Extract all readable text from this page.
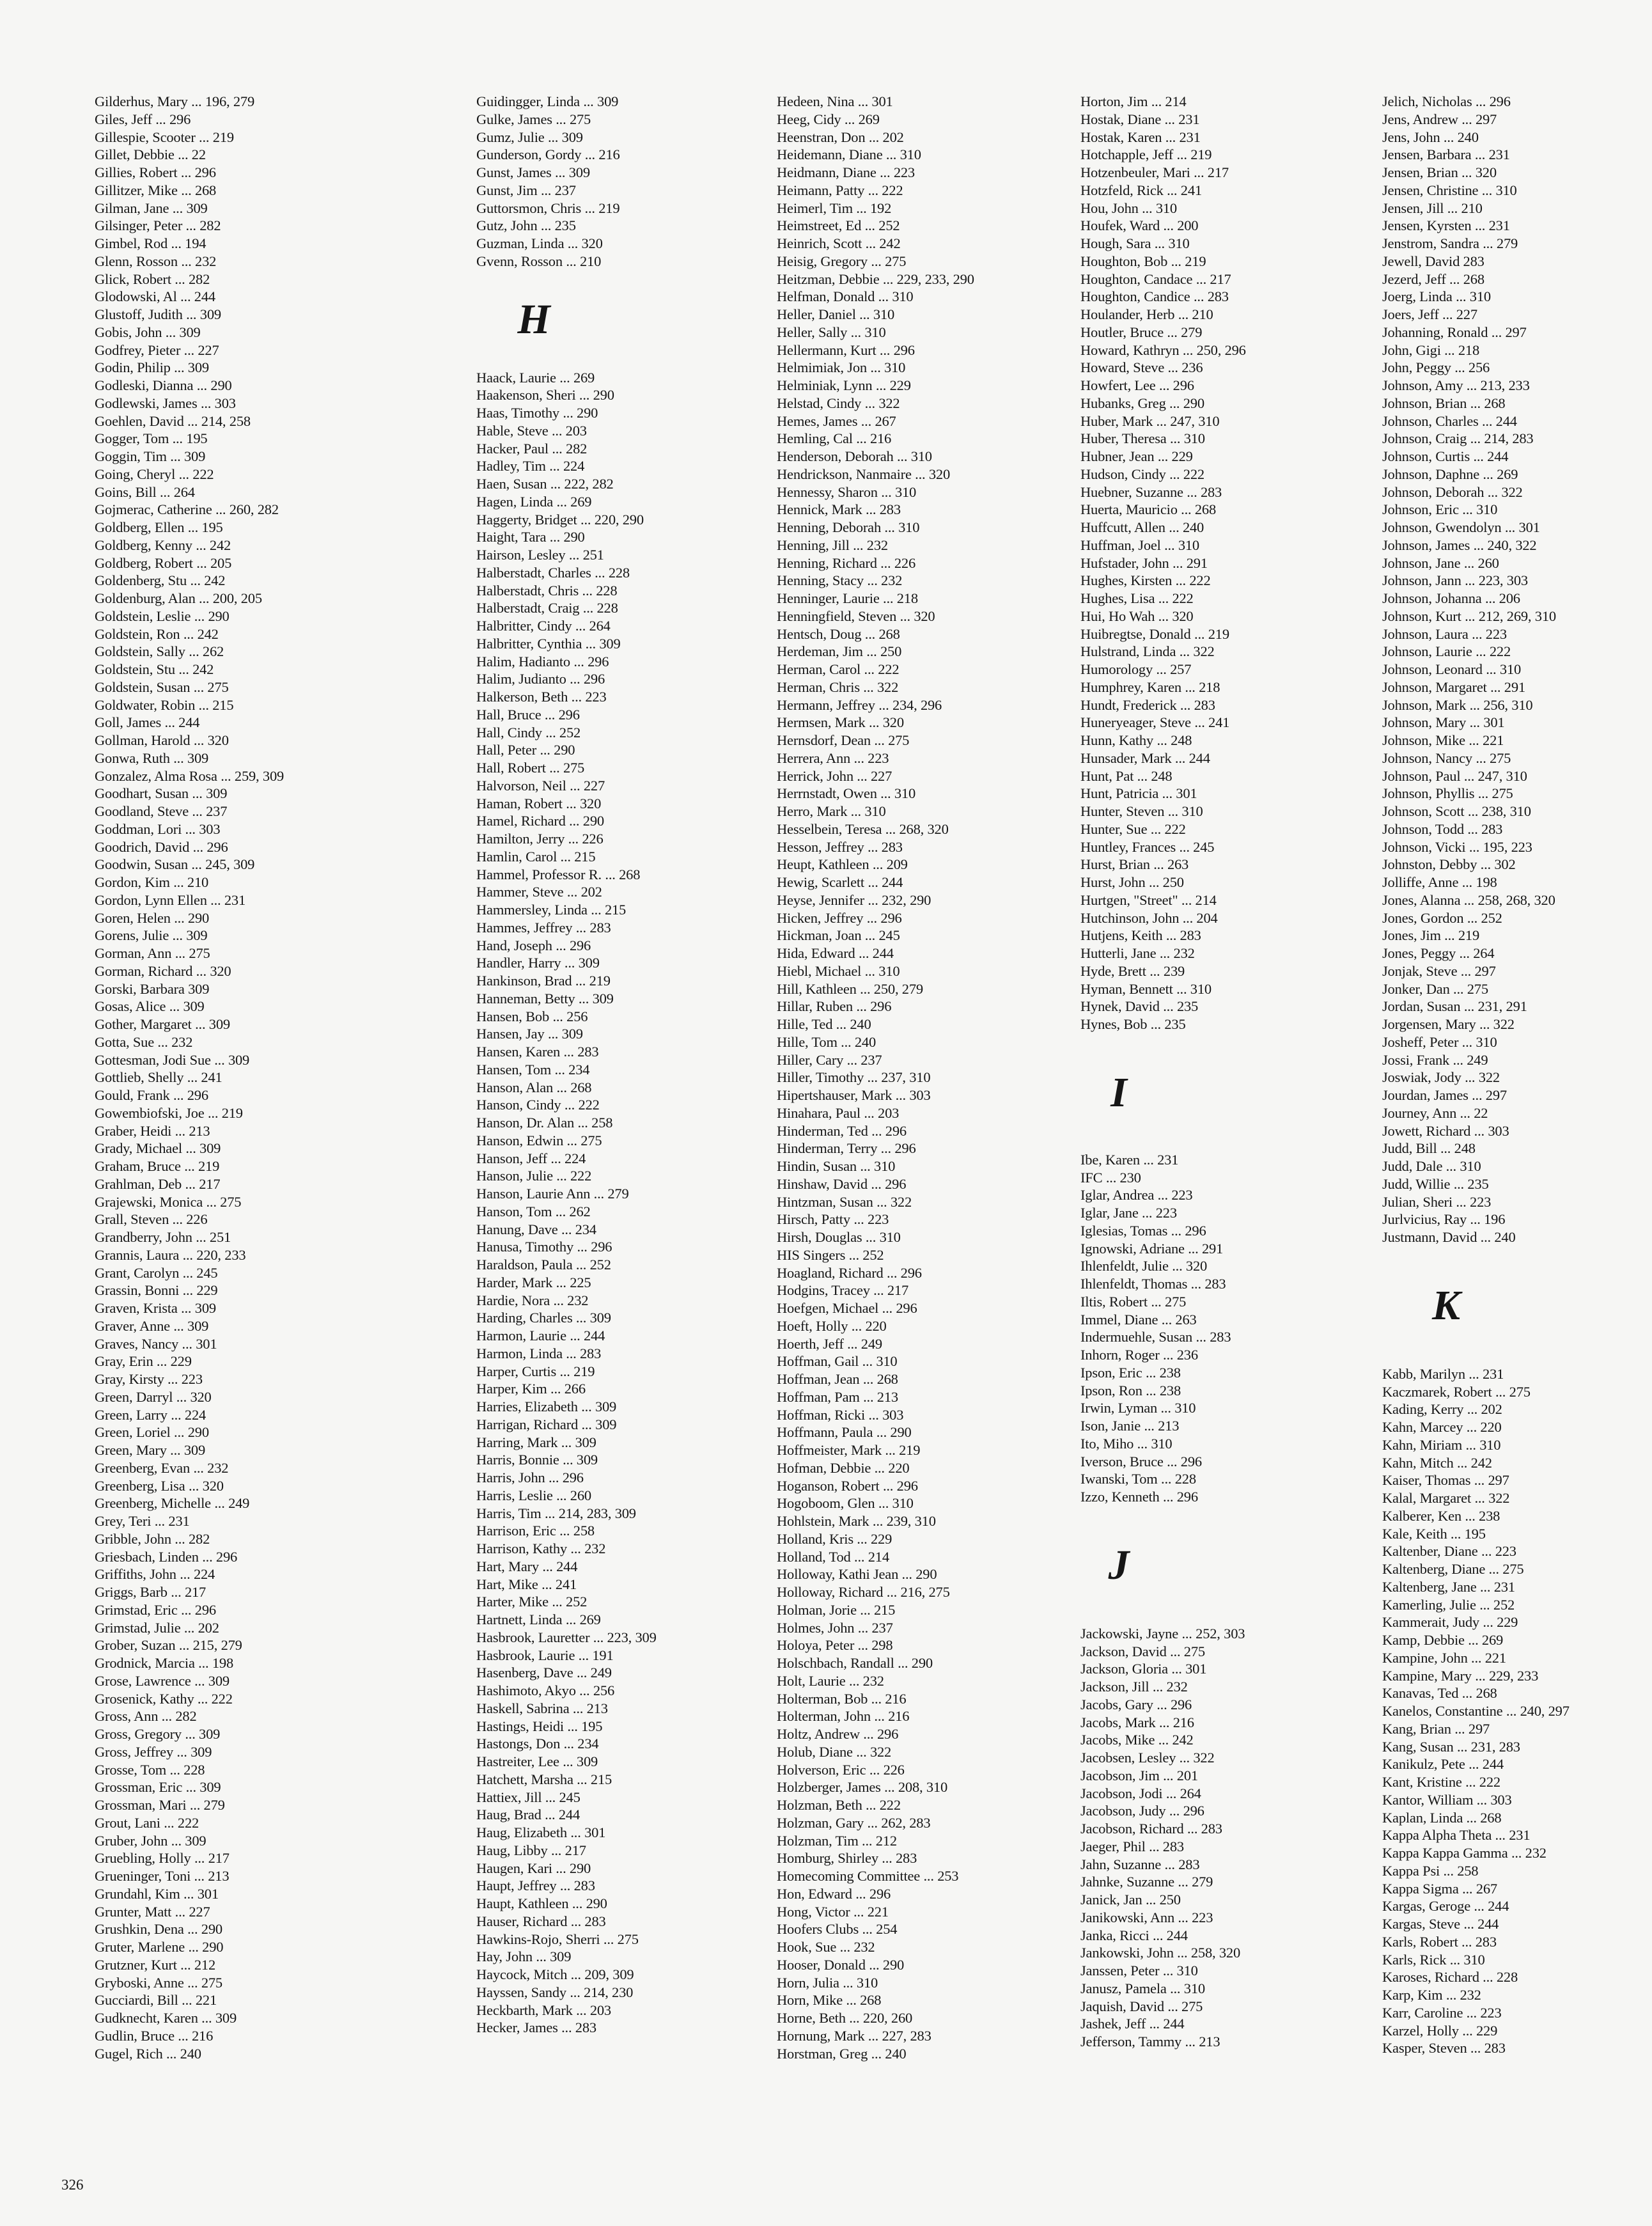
Gilderhus, Mary ... 196, 279
Giles, Jeff ... 296
Gillespie, Scooter ... 219
Gillet, Debbie ... 22
Gillies, Robert ... 296
Gillitzer, Mike ... 268
Gilman, Jane ... 309
Gilsinger, Peter ... 282
Gimbel, Rod ... 194
Glenn, Rosson ... 232
Glick, Robert ... 282
Glodowski, Al ... 244
Glustoff, Judith ... 309
Gobis, John ... 309
Godfrey, Pieter ... 227
Godin, Philip ... 309
Godleski, Dianna ... 290
Godlewski, James ... 303
Goehlen, David ... 214, 258
Gogger, Tom ... 195
Goggin, Tim ... 309
Going, Cheryl ... 222
Goins, Bill ... 264
Gojmerac, Catherine ... 260, 282
Goldberg, Ellen ... 195
Goldberg, Kenny ... 242
Goldberg, Robert ... 205
Goldenberg, Stu ... 242
Goldenburg, Alan ... 200, 205
Goldstein, Leslie ... 290
Goldstein, Ron ... 242
Goldstein, Sally ... 262
Goldstein, Stu ... 242
Goldstein, Susan ... 275
Goldwater, Robin ... 215
Goll, James ... 244
Gollman, Harold ... 320
Gonwa, Ruth ... 309
Gonzalez, Alma Rosa ... 259, 309
Goodhart, Susan ... 309
Goodland, Steve ... 237
Goddman, Lori ... 303
Goodrich, David ... 296
Goodwin, Susan ... 245, 309
Gordon, Kim ... 210
Gordon, Lynn Ellen ... 231
Goren, Helen ... 290
Gorens, Julie ... 309
Gorman, Ann ... 275
Gorman, Richard ... 320
Gorski, Barbara 309
Gosas, Alice ... 309
Gother, Margaret ... 309
Gotta, Sue ... 232
Gottesman, Jodi Sue ... 309
Gottlieb, Shelly ... 241
Gould, Frank ... 296
Gowembiofski, Joe ... 219
Graber, Heidi ... 213
Grady, Michael ... 309
Graham, Bruce ... 219
Grahlman, Deb ... 217
Grajewski, Monica ... 275
Grall, Steven ... 226
Grandberry, John ... 251
Grannis, Laura ... 220, 233
Grant, Carolyn ... 245
Grassin, Bonni ... 229
Graven, Krista ... 309
Graver, Anne ... 309
Graves, Nancy ... 301
Gray, Erin ... 229
Gray, Kirsty ... 223
Green, Darryl ... 320
Green, Larry ... 224
Green, Loriel ... 290
Green, Mary ... 309
Greenberg, Evan ... 232
Greenberg, Lisa ... 320
Greenberg, Michelle ... 249
Grey, Teri ... 231
Gribble, John ... 282
Griesbach, Linden ... 296
Griffiths, John ... 224
Griggs, Barb ... 217
Grimstad, Eric ... 296
Grimstad, Julie ... 202
Grober, Suzan ... 215, 279
Grodnick, Marcia ... 198
Grose, Lawrence ... 309
Grosenick, Kathy ... 222
Gross, Ann ... 282
Gross, Gregory ... 309
Gross, Jeffrey ... 309
Grosse, Tom ... 228
Grossman, Eric ... 309
Grossman, Mari ... 279
Grout, Lani ... 222
Gruber, John ... 309
Gruebling, Holly ... 217
Grueninger, Toni ... 213
Grundahl, Kim ... 301
Grunter, Matt ... 227
Grushkin, Dena ... 290
Gruter, Marlene ... 290
Grutzner, Kurt ... 212
Gryboski, Anne ... 275
Gucciardi, Bill ... 221
Gudknecht, Karen ... 309
Gudlin, Bruce ... 216
Gugel, Rich ... 240
Guidingger, Linda ... 309
Gulke, James ... 275
Gumz, Julie ... 309
Gunderson, Gordy ... 216
Gunst, James ... 309
Gunst, Jim ... 237
Guttorsmon, Chris ... 219
Gutz, John ... 235
Guzman, Linda ... 320
Gvenn, Rosson ... 210
H
Haack, Laurie ... 269
Haakenson, Sheri ... 290
Haas, Timothy ... 290
Hable, Steve ... 203
Hacker, Paul ... 282
Hadley, Tim ... 224
Haen, Susan ... 222, 282
Hagen, Linda ... 269
Haggerty, Bridget ... 220, 290
Haight, Tara ... 290
Hairson, Lesley ... 251
Halberstadt, Charles ... 228
Halberstadt, Chris ... 228
Halberstadt, Craig ... 228
Halbritter, Cindy ... 264
Halbritter, Cynthia ... 309
Halim, Hadianto ... 296
Halim, Judianto ... 296
Halkerson, Beth ... 223
Hall, Bruce ... 296
Hall, Cindy ... 252
Hall, Peter ... 290
Hall, Robert ... 275
Halvorson, Neil ... 227
Haman, Robert ... 320
Hamel, Richard ... 290
Hamilton, Jerry ... 226
Hamlin, Carol ... 215
Hammel, Professor R. ... 268
Hammer, Steve ... 202
Hammersley, Linda ... 215
Hammes, Jeffrey ... 283
Hand, Joseph ... 296
Handler, Harry ... 309
Hankinson, Brad ... 219
Hanneman, Betty ... 309
Hansen, Bob ... 256
Hansen, Jay ... 309
Hansen, Karen ... 283
Hansen, Tom ... 234
Hanson, Alan ... 268
Hanson, Cindy ... 222
Hanson, Dr. Alan ... 258
Hanson, Edwin ... 275
Hanson, Jeff ... 224
Hanson, Julie ... 222
Hanson, Laurie Ann ... 279
Hanson, Tom ... 262
Hanung, Dave ... 234
Hanusa, Timothy ... 296
Haraldson, Paula ... 252
Harder, Mark ... 225
Hardie, Nora ... 232
Harding, Charles ... 309
Harmon, Laurie ... 244
Harmon, Linda ... 283
Harper, Curtis ... 219
Harper, Kim ... 266
Harries, Elizabeth ... 309
Harrigan, Richard ... 309
Harring, Mark ... 309
Harris, Bonnie ... 309
Harris, John ... 296
Harris, Leslie ... 260
Harris, Tim ... 214, 283, 309
Harrison, Eric ... 258
Harrison, Kathy ... 232
Hart, Mary ... 244
Hart, Mike ... 241
Harter, Mike ... 252
Hartnett, Linda ... 269
Hasbrook, Lauretter ... 223, 309
Hasbrook, Laurie ... 191
Hasenberg, Dave ... 249
Hashimoto, Akyo ... 256
Haskell, Sabrina ... 213
Hastings, Heidi ... 195
Hastongs, Don ... 234
Hastreiter, Lee ... 309
Hatchett, Marsha ... 215
Hattiex, Jill ... 245
Haug, Brad ... 244
Haug, Elizabeth ... 301
Haug, Libby ... 217
Haugen, Kari ... 290
Haupt, Jeffrey ... 283
Haupt, Kathleen ... 290
Hauser, Richard ... 283
Hawkins-Rojo, Sherri ... 275
Hay, John ... 309
Haycock, Mitch ... 209, 309
Hayssen, Sandy ... 214, 230
Heckbarth, Mark ... 203
Hecker, James ... 283
Hedeen, Nina ... 301
Heeg, Cidy ... 269
Heenstran, Don ... 202
Heidemann, Diane ... 310
Heidmann, Diane ... 223
Heimann, Patty ... 222
Heimerl, Tim ... 192
Heimstreet, Ed ... 252
Heinrich, Scott ... 242
Heisig, Gregory ... 275
Heitzman, Debbie ... 229, 233, 290
Helfman, Donald ... 310
Heller, Daniel ... 310
Heller, Sally ... 310
Hellermann, Kurt ... 296
Helmimiak, Jon ... 310
Helminiak, Lynn ... 229
Helstad, Cindy ... 322
Hemes, James ... 267
Hemling, Cal ... 216
Henderson, Deborah ... 310
Hendrickson, Nanmaire ... 320
Hennessy, Sharon ... 310
Hennick, Mark ... 283
Henning, Deborah ... 310
Henning, Jill ... 232
Henning, Richard ... 226
Henning, Stacy ... 232
Henninger, Laurie ... 218
Henningfield, Steven ... 320
Hentsch, Doug ... 268
Herdeman, Jim ... 250
Herman, Carol ... 222
Herman, Chris ... 322
Hermann, Jeffrey ... 234, 296
Hermsen, Mark ... 320
Hernsdorf, Dean ... 275
Herrera, Ann ... 223
Herrick, John ... 227
Herrnstadt, Owen ... 310
Herro, Mark ... 310
Hesselbein, Teresa ... 268, 320
Hesson, Jeffrey ... 283
Heupt, Kathleen ... 209
Hewig, Scarlett ... 244
Heyse, Jennifer ... 232, 290
Hicken, Jeffrey ... 296
Hickman, Joan ... 245
Hida, Edward ... 244
Hiebl, Michael ... 310
Hill, Kathleen ... 250, 279
Hillar, Ruben ... 296
Hille, Ted ... 240
Hille, Tom ... 240
Hiller, Cary ... 237
Hiller, Timothy ... 237, 310
Hipertshauser, Mark ... 303
Hinahara, Paul ... 203
Hinderman, Ted ... 296
Hinderman, Terry ... 296
Hindin, Susan ... 310
Hinshaw, David ... 296
Hintzman, Susan ... 322
Hirsch, Patty ... 223
Hirsh, Douglas ... 310
HIS Singers ... 252
Hoagland, Richard ... 296
Hodgins, Tracey ... 217
Hoefgen, Michael ... 296
Hoeft, Holly ... 220
Hoerth, Jeff ... 249
Hoffman, Gail ... 310
Hoffman, Jean ... 268
Hoffman, Pam ... 213
Hoffman, Ricki ... 303
Hoffmann, Paula ... 290
Hoffmeister, Mark ... 219
Hofman, Debbie ... 220
Hoganson, Robert ... 296
Hogoboom, Glen ... 310
Hohlstein, Mark ... 239, 310
Holland, Kris ... 229
Holland, Tod ... 214
Holloway, Kathi Jean ... 290
Holloway, Richard ... 216, 275
Holman, Jorie ... 215
Holmes, John ... 237
Holoya, Peter ... 298
Holschbach, Randall ... 290
Holt, Laurie ... 232
Holterman, Bob ... 216
Holterman, John ... 216
Holtz, Andrew ... 296
Holub, Diane ... 322
Holverson, Eric ... 226
Holzberger, James ... 208, 310
Holzman, Beth ... 222
Holzman, Gary ... 262, 283
Holzman, Tim ... 212
Homburg, Shirley ... 283
Homecoming Committee ... 253
Hon, Edward ... 296
Hong, Victor ... 221
Hoofers Clubs ... 254
Hook, Sue ... 232
Hooser, Donald ... 290
Horn, Julia ... 310
Horn, Mike ... 268
Horne, Beth ... 220, 260
Hornung, Mark ... 227, 283
Horstman, Greg ... 240
Horton, Jim ... 214
Hostak, Diane ... 231
Hostak, Karen ... 231
Hotchapple, Jeff ... 219
Hotzenbeuler, Mari ... 217
Hotzfeld, Rick ... 241
Hou, John ... 310
Houfek, Ward ... 200
Hough, Sara ... 310
Houghton, Bob ... 219
Houghton, Candace ... 217
Houghton, Candice ... 283
Houlander, Herb ... 210
Houtler, Bruce ... 279
Howard, Kathryn ... 250, 296
Howard, Steve ... 236
Howfert, Lee ... 296
Hubanks, Greg ... 290
Huber, Mark ... 247, 310
Huber, Theresa ... 310
Hubner, Jean ... 229
Hudson, Cindy ... 222
Huebner, Suzanne ... 283
Huerta, Mauricio ... 268
Huffcutt, Allen ... 240
Huffman, Joel ... 310
Hufstader, John ... 291
Hughes, Kirsten ... 222
Hughes, Lisa ... 222
Hui, Ho Wah ... 320
Huibregtse, Donald ... 219
Hulstrand, Linda ... 322
Humorology ... 257
Humphrey, Karen ... 218
Hundt, Frederick ... 283
Huneryeager, Steve ... 241
Hunn, Kathy ... 248
Hunsader, Mark ... 244
Hunt, Pat ... 248
Hunt, Patricia ... 301
Hunter, Steven ... 310
Hunter, Sue ... 222
Huntley, Frances ... 245
Hurst, Brian ... 263
Hurst, John ... 250
Hurtgen, "Street" ... 214
Hutchinson, John ... 204
Hutjens, Keith ... 283
Hutterli, Jane ... 232
Hyde, Brett ... 239
Hyman, Bennett ... 310
Hynek, David ... 235
Hynes, Bob ... 235
I
Ibe, Karen ... 231
IFC ... 230
Iglar, Andrea ... 223
Iglar, Jane ... 223
Iglesias, Tomas ... 296
Ignowski, Adriane ... 291
Ihlenfeldt, Julie ... 320
Ihlenfeldt, Thomas ... 283
Iltis, Robert ... 275
Immel, Diane ... 263
Indermuehle, Susan ... 283
Inhorn, Roger ... 236
Ipson, Eric ... 238
Ipson, Ron ... 238
Irwin, Lyman ... 310
Ison, Janie ... 213
Ito, Miho ... 310
Iverson, Bruce ... 296
Iwanski, Tom ... 228
Izzo, Kenneth ... 296
J
Jackowski, Jayne ... 252, 303
Jackson, David ... 275
Jackson, Gloria ... 301
Jackson, Jill ... 232
Jacobs, Gary ... 296
Jacobs, Mark ... 216
Jacobs, Mike ... 242
Jacobsen, Lesley ... 322
Jacobson, Jim ... 201
Jacobson, Jodi ... 264
Jacobson, Judy ... 296
Jacobson, Richard ... 283
Jaeger, Phil ... 283
Jahn, Suzanne ... 283
Jahnke, Suzanne ... 279
Janick, Jan ... 250
Janikowski, Ann ... 223
Janka, Ricci ... 244
Jankowski, John ... 258, 320
Janssen, Peter ... 310
Janusz, Pamela ... 310
Jaquish, David ... 275
Jashek, Jeff ... 244
Jefferson, Tammy ... 213
Jelich, Nicholas ... 296
Jens, Andrew ... 297
Jens, John ... 240
Jensen, Barbara ... 231
Jensen, Brian ... 320
Jensen, Christine ... 310
Jensen, Jill ... 210
Jensen, Kyrsten ... 231
Jenstrom, Sandra ... 279
Jewell, David 283
Jezerd, Jeff ... 268
Joerg, Linda ... 310
Joers, Jeff ... 227
Johanning, Ronald ... 297
John, Gigi ... 218
John, Peggy ... 256
Johnson, Amy ... 213, 233
Johnson, Brian ... 268
Johnson, Charles ... 244
Johnson, Craig ... 214, 283
Johnson, Curtis ... 244
Johnson, Daphne ... 269
Johnson, Deborah ... 322
Johnson, Eric ... 310
Johnson, Gwendolyn ... 301
Johnson, James ... 240, 322
Johnson, Jane ... 260
Johnson, Jann ... 223, 303
Johnson, Johanna ... 206
Johnson, Kurt ... 212, 269, 310
Johnson, Laura ... 223
Johnson, Laurie ... 222
Johnson, Leonard ... 310
Johnson, Margaret ... 291
Johnson, Mark ... 256, 310
Johnson, Mary ... 301
Johnson, Mike ... 221
Johnson, Nancy ... 275
Johnson, Paul ... 247, 310
Johnson, Phyllis ... 275
Johnson, Scott ... 238, 310
Johnson, Todd ... 283
Johnson, Vicki ... 195, 223
Johnston, Debby ... 302
Jolliffe, Anne ... 198
Jones, Alanna ... 258, 268, 320
Jones, Gordon ... 252
Jones, Jim ... 219
Jones, Peggy ... 264
Jonjak, Steve ... 297
Jonker, Dan ... 275
Jordan, Susan ... 231, 291
Jorgensen, Mary ... 322
Josheff, Peter ... 310
Jossi, Frank ... 249
Joswiak, Jody ... 322
Jourdan, James ... 297
Journey, Ann ... 22
Jowett, Richard ... 303
Judd, Bill ... 248
Judd, Dale ... 310
Judd, Willie ... 235
Julian, Sheri ... 223
Jurlvicius, Ray ... 196
Justmann, David ... 240
K
Kabb, Marilyn ... 231
Kaczmarek, Robert ... 275
Kading, Kerry ... 202
Kahn, Marcey ... 220
Kahn, Miriam ... 310
Kahn, Mitch ... 242
Kaiser, Thomas ... 297
Kalal, Margaret ... 322
Kalberer, Ken ... 238
Kale, Keith ... 195
Kaltenber, Diane ... 223
Kaltenberg, Diane ... 275
Kaltenberg, Jane ... 231
Kamerling, Julie ... 252
Kammerait, Judy ... 229
Kamp, Debbie ... 269
Kampine, John ... 221
Kampine, Mary ... 229, 233
Kanavas, Ted ... 268
Kanelos, Constantine ... 240, 297
Kang, Brian ... 297
Kang, Susan ... 231, 283
Kanikulz, Pete ... 244
Kant, Kristine ... 222
Kantor, William ... 303
Kaplan, Linda ... 268
Kappa Alpha Theta ... 231
Kappa Kappa Gamma ... 232
Kappa Psi ... 258
Kappa Sigma ... 267
Kargas, Geroge ... 244
Kargas, Steve ... 244
Karls, Robert ... 283
Karls, Rick ... 310
Karoses, Richard ... 228
Karp, Kim ... 232
Karr, Caroline ... 223
Karzel, Holly ... 229
Kasper, Steven ... 283
326
